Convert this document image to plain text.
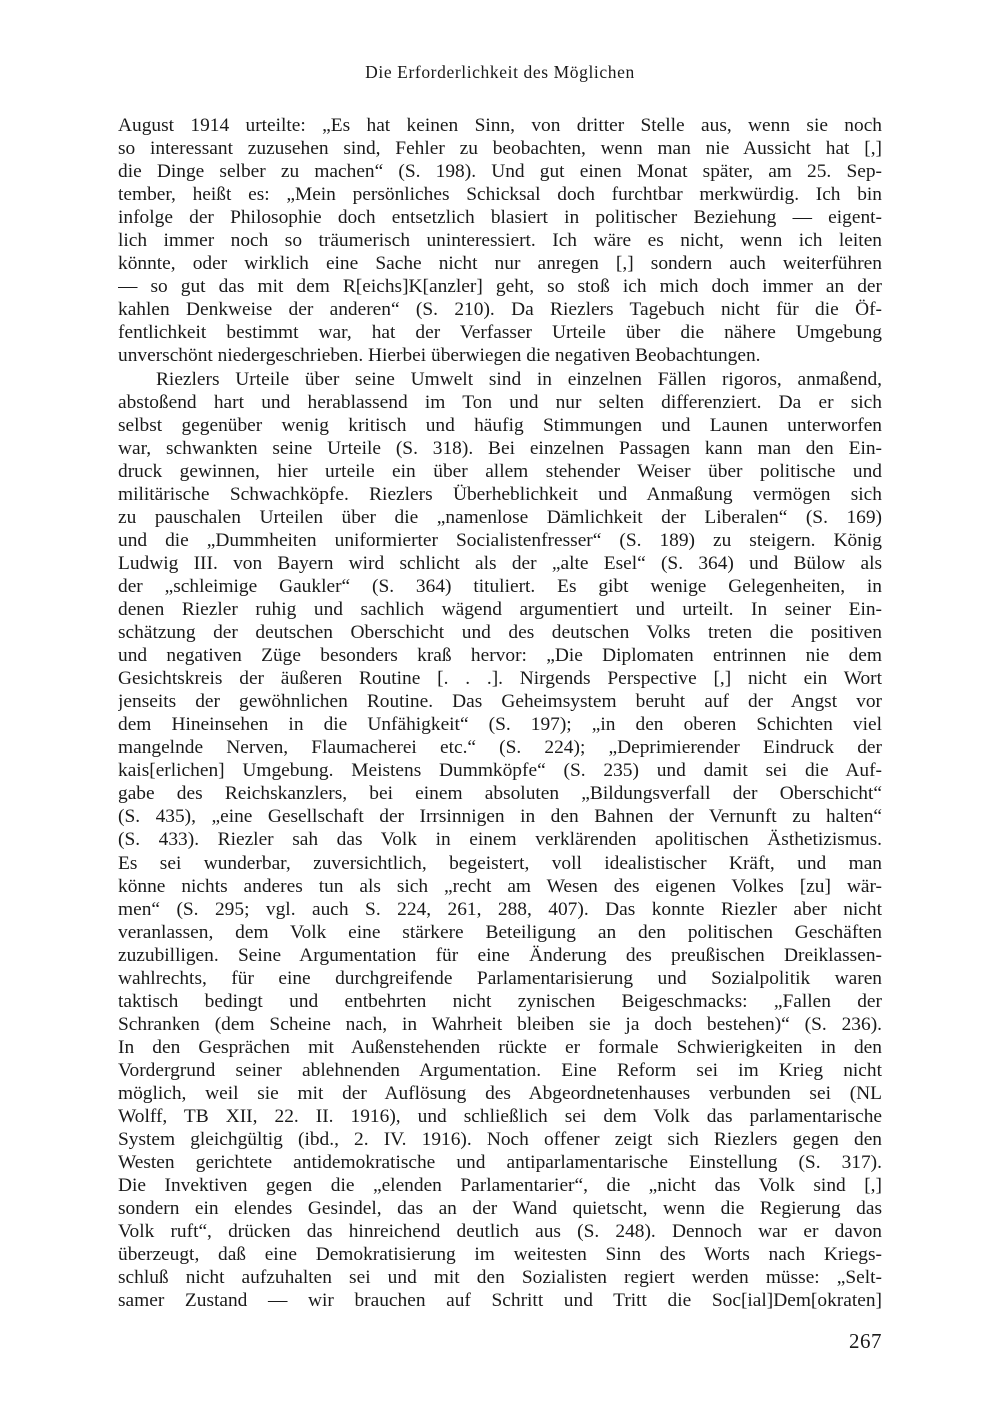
Die Erforderlichkeit des Möglichen
August 1914 urteilte: „Es hat keinen Sinn, von dritter Stelle aus, wenn sie noch
so interessant zuzusehen sind, Fehler zu beobachten, wenn man nie Aussicht hat [,]
die Dinge selber zu machen“ (S. 198). Und gut einen Monat später, am 25. Sep-
tember, heißt es: „Mein persönliches Schicksal doch furchtbar merkwürdig. Ich bin
infolge der Philosophie doch entsetzlich blasiert in politischer Beziehung — eigent-
lich immer noch so träumerisch uninteressiert. Ich wäre es nicht, wenn ich leiten
könnte, oder wirklich eine Sache nicht nur anregen [,] sondern auch weiterführen
— so gut das mit dem R[eichs]K[anzler] geht, so stoß ich mich doch immer an der
kahlen Denkweise der anderen“ (S. 210). Da Riezlers Tagebuch nicht für die Öf-
fentlichkeit bestimmt war, hat der Verfasser Urteile über die nähere Umgebung
unverschönt niedergeschrieben. Hierbei überwiegen die negativen Beobachtungen.
Riezlers Urteile über seine Umwelt sind in einzelnen Fällen rigoros, anmaßend,
abstoßend hart und herablassend im Ton und nur selten differenziert. Da er sich
selbst gegenüber wenig kritisch und häufig Stimmungen und Launen unterworfen
war, schwankten seine Urteile (S. 318). Bei einzelnen Passagen kann man den Ein-
druck gewinnen, hier urteile ein über allem stehender Weiser über politische und
militärische Schwachköpfe. Riezlers Überheblichkeit und Anmaßung vermögen sich
zu pauschalen Urteilen über die „namenlose Dämlichkeit der Liberalen“ (S. 169)
und die „Dummheiten uniformierter Socialistenfresser“ (S. 189) zu steigern. König
Ludwig III. von Bayern wird schlicht als der „alte Esel“ (S. 364) und Bülow als
der „schleimige Gaukler“ (S. 364) tituliert. Es gibt wenige Gelegenheiten, in
denen Riezler ruhig und sachlich wägend argumentiert und urteilt. In seiner Ein-
schätzung der deutschen Oberschicht und des deutschen Volks treten die positiven
und negativen Züge besonders kraß hervor: „Die Diplomaten entrinnen nie dem
Gesichtskreis der äußeren Routine [. . .]. Nirgends Perspective [,] nicht ein Wort
jenseits der gewöhnlichen Routine. Das Geheimsystem beruht auf der Angst vor
dem Hineinsehen in die Unfähigkeit“ (S. 197); „in den oberen Schichten viel
mangelnde Nerven, Flaumacherei etc.“ (S. 224); „Deprimierender Eindruck der
kais[erlichen] Umgebung. Meistens Dummköpfe“ (S. 235) und damit sei die Auf-
gabe des Reichskanzlers, bei einem absoluten „Bildungsverfall der Oberschicht“
(S. 435), „eine Gesellschaft der Irrsinnigen in den Bahnen der Vernunft zu halten“
(S. 433). Riezler sah das Volk in einem verklärenden apolitischen Ästhetizismus.
Es sei wunderbar, zuversichtlich, begeistert, voll idealistischer Kräft, und man
könne nichts anderes tun als sich „recht am Wesen des eigenen Volkes [zu] wär-
men“ (S. 295; vgl. auch S. 224, 261, 288, 407). Das konnte Riezler aber nicht
veranlassen, dem Volk eine stärkere Beteiligung an den politischen Geschäften
zuzubilligen. Seine Argumentation für eine Änderung des preußischen Dreiklassen-
wahlrechts, für eine durchgreifende Parlamentarisierung und Sozialpolitik waren
taktisch bedingt und entbehrten nicht zynischen Beigeschmacks: „Fallen der
Schranken (dem Scheine nach, in Wahrheit bleiben sie ja doch bestehen)“ (S. 236).
In den Gesprächen mit Außenstehenden rückte er formale Schwierigkeiten in den
Vordergrund seiner ablehnenden Argumentation. Eine Reform sei im Krieg nicht
möglich, weil sie mit der Auflösung des Abgeordnetenhauses verbunden sei (NL
Wolff, TB XII, 22. II. 1916), und schließlich sei dem Volk das parlamentarische
System gleichgültig (ibd., 2. IV. 1916). Noch offener zeigt sich Riezlers gegen den
Westen gerichtete antidemokratische und antiparlamentarische Einstellung (S. 317).
Die Invektiven gegen die „elenden Parlamentarier“, die „nicht das Volk sind [,]
sondern ein elendes Gesindel, das an der Wand quietscht, wenn die Regierung das
Volk ruft“, drücken das hinreichend deutlich aus (S. 248). Dennoch war er davon
überzeugt, daß eine Demokratisierung im weitesten Sinn des Worts nach Kriegs-
schluß nicht aufzuhalten sei und mit den Sozialisten regiert werden müsse: „Selt-
samer Zustand — wir brauchen auf Schritt und Tritt die Soc[ial]Dem[okraten]
267
